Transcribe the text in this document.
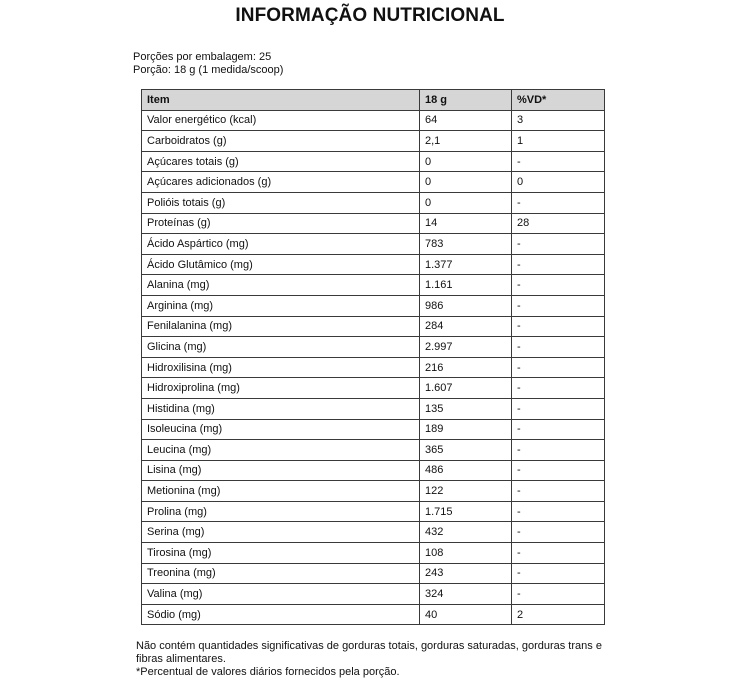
INFORMAÇÃO NUTRICIONAL
Porções por embalagem: 25
Porção: 18 g (1 medida/scoop)
Item	18 g	%VD*
Valor energético (kcal)	64	3
Carboidratos (g)	2,1	1
Açúcares totais (g)	0	-
Açúcares adicionados (g)	0	0
Polióis totais (g)	0	-
Proteínas (g)	14	28
Ácido Aspártico (mg)	783	-
Ácido Glutâmico (mg)	1.377	-
Alanina (mg)	1.161	-
Arginina (mg)	986	-
Fenilalanina (mg)	284	-
Glicina (mg)	2.997	-
Hidroxilisina (mg)	216	-
Hidroxiprolina (mg)	1.607	-
Histidina (mg)	135	-
Isoleucina (mg)	189	-
Leucina (mg)	365	-
Lisina (mg)	486	-
Metionina (mg)	122	-
Prolina (mg)	1.715	-
Serina (mg)	432	-
Tirosina (mg)	108	-
Treonina (mg)	243	-
Valina (mg)	324	-
Sódio (mg)	40	2

Não contém quantidades significativas de gorduras totais, gorduras saturadas, gorduras trans e fibras alimentares.

*Percentual de valores diários fornecidos pela porção.
